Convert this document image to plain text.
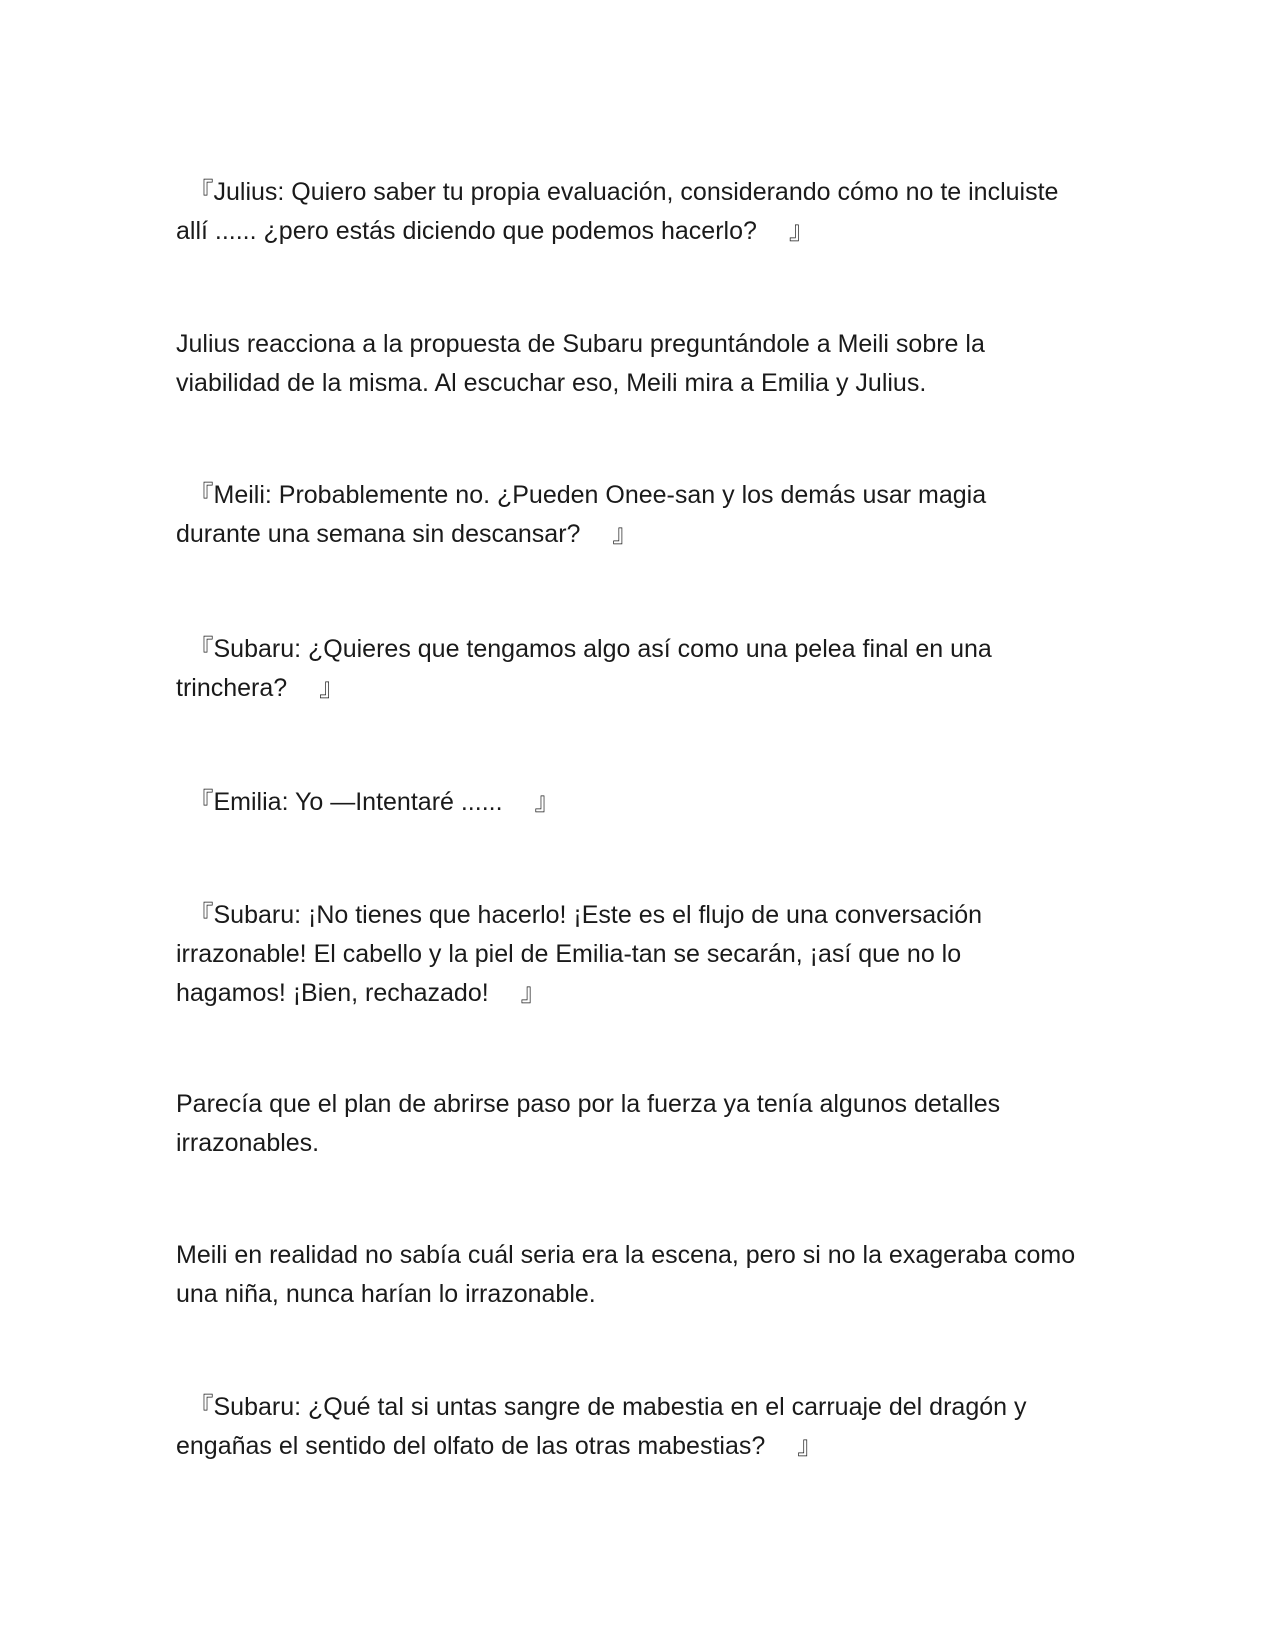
　『Julius: Quiero saber tu propia evaluación, considerando cómo no te incluiste allí ...... ¿pero estás diciendo que podemos hacerlo? 　』

Julius reacciona a la propuesta de Subaru preguntándole a Meili sobre la viabilidad de la misma. Al escuchar eso, Meili mira a Emilia y Julius.

　『Meili: Probablemente no. ¿Pueden Onee-san y los demás usar magia durante una semana sin descansar? 　』

　『Subaru: ¿Quieres que tengamos algo así como una pelea final en una trinchera? 　』

　『Emilia: Yo —Intentaré ...... 　』

　『Subaru: ¡No tienes que hacerlo! ¡Este es el flujo de una conversación irrazonable! El cabello y la piel de Emilia-tan se secarán, ¡así que no lo hagamos! ¡Bien, rechazado! 　』

Parecía que el plan de abrirse paso por la fuerza ya tenía algunos detalles irrazonables.

Meili en realidad no sabía cuál seria era la escena, pero si no la exageraba como una niña, nunca harían lo irrazonable.

　『Subaru: ¿Qué tal si untas sangre de mabestia en el carruaje del dragón y engañas el sentido del olfato de las otras mabestias? 　』
